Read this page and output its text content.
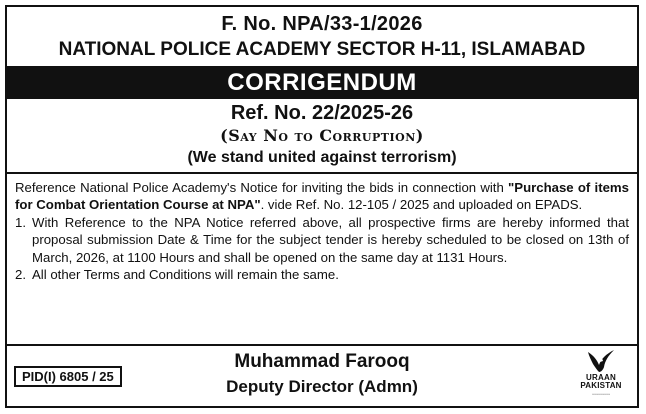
F. No. NPA/33-1/2026
NATIONAL POLICE ACADEMY SECTOR H-11, ISLAMABAD
CORRIGENDUM
Ref. No. 22/2025-26
(Say No to Corruption)
(We stand united against terrorism)

Reference National Police Academy's Notice for inviting the bids in connection with "Purchase of items for Combat Orientation Course at NPA". vide Ref. No. 12-105 / 2025 and uploaded on EPADS.

1. With Reference to the NPA Notice referred above, all prospective firms are hereby informed that proposal submission Date & Time for the subject tender is hereby scheduled to be closed on 13th of March, 2026, at 1100 Hours and shall be opened on the same day at 1131 Hours.
2. All other Terms and Conditions will remain the same.
PID(I) 6805 / 25
Muhammad Farooq
Deputy Director (Admn)	URAAN
PAKISTAN
﹏﹏﹏
